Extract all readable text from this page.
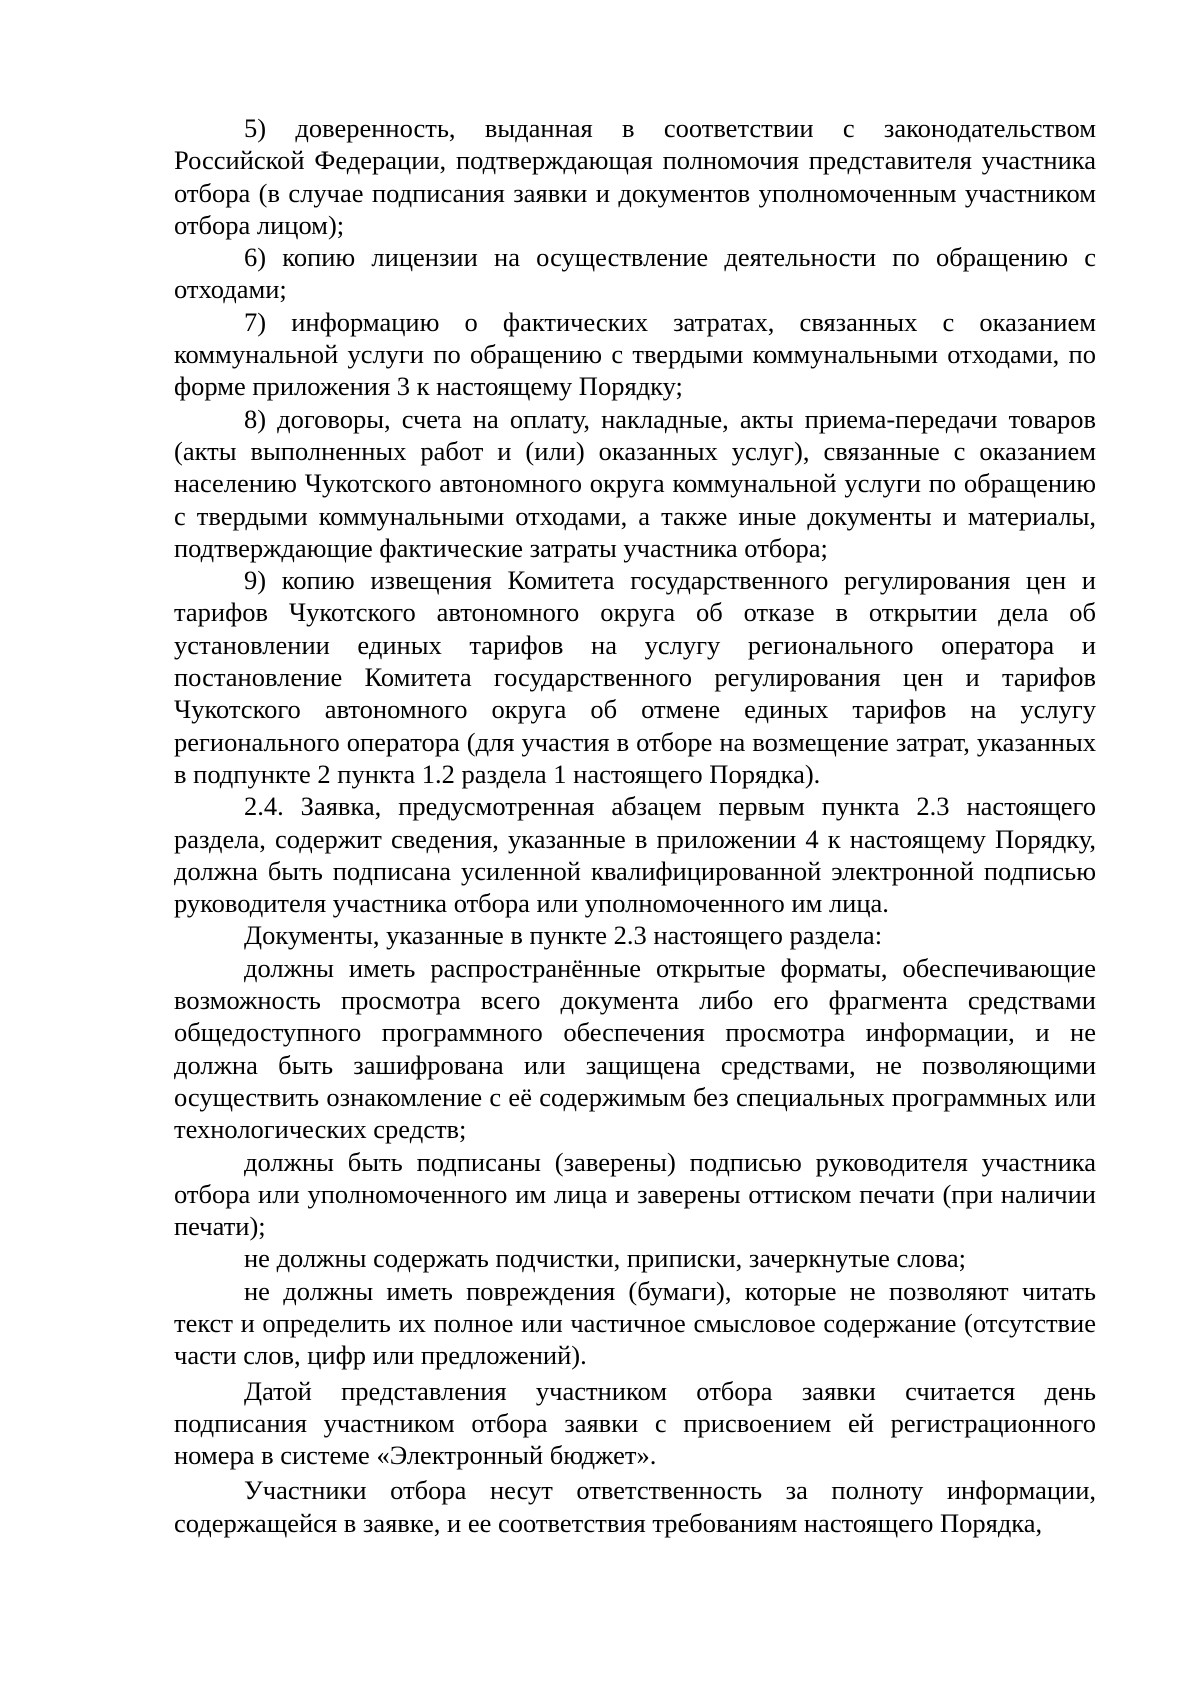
5) доверенность, выданная в соответствии с законодательством Российской Федерации, подтверждающая полномочия представителя участника отбора (в случае подписания заявки и документов уполномоченным участником отбора лицом);

6) копию лицензии на осуществление деятельности по обращению с отходами;

7) информацию о фактических затратах, связанных с оказанием коммунальной услуги по обращению с твердыми коммунальными отходами, по форме приложения 3 к настоящему Порядку;

8) договоры, счета на оплату, накладные, акты приема-передачи товаров (акты выполненных работ и (или) оказанных услуг), связанные с оказанием населению Чукотского автономного округа коммунальной услуги по обращению с твердыми коммунальными отходами, а также иные документы и материалы, подтверждающие фактические затраты участника отбора;

9) копию извещения Комитета государственного регулирования цен и тарифов Чукотского автономного округа об отказе в открытии дела об установлении единых тарифов на услугу регионального оператора и постановление Комитета государственного регулирования цен и тарифов Чукотского автономного округа об отмене единых тарифов на услугу регионального оператора (для участия в отборе на возмещение затрат, указанных в подпункте 2 пункта 1.2 раздела 1 настоящего Порядка).

2.4. Заявка, предусмотренная абзацем первым пункта 2.3 настоящего раздела, содержит сведения, указанные в приложении 4 к настоящему Порядку, должна быть подписана усиленной квалифицированной электронной подписью руководителя участника отбора или уполномоченного им лица.

Документы, указанные в пункте 2.3 настоящего раздела:

должны иметь распространённые открытые форматы, обеспечивающие возможность просмотра всего документа либо его фрагмента средствами общедоступного программного обеспечения просмотра информации, и не должна быть зашифрована или защищена средствами, не позволяющими осуществить ознакомление с её содержимым без специальных программных или технологических средств;

должны быть подписаны (заверены) подписью руководителя участника отбора или уполномоченного им лица и заверены оттиском печати (при наличии печати);

не должны содержать подчистки, приписки, зачеркнутые слова;

не должны иметь повреждения (бумаги), которые не позволяют читать текст и определить их полное или частичное смысловое содержание (отсутствие части слов, цифр или предложений).

Датой представления участником отбора заявки считается день подписания участником отбора заявки с присвоением ей регистрационного номера в системе «Электронный бюджет».

Участники отбора несут ответственность за полноту информации, содержащейся в заявке, и ее соответствия требованиям настоящего Порядка,
